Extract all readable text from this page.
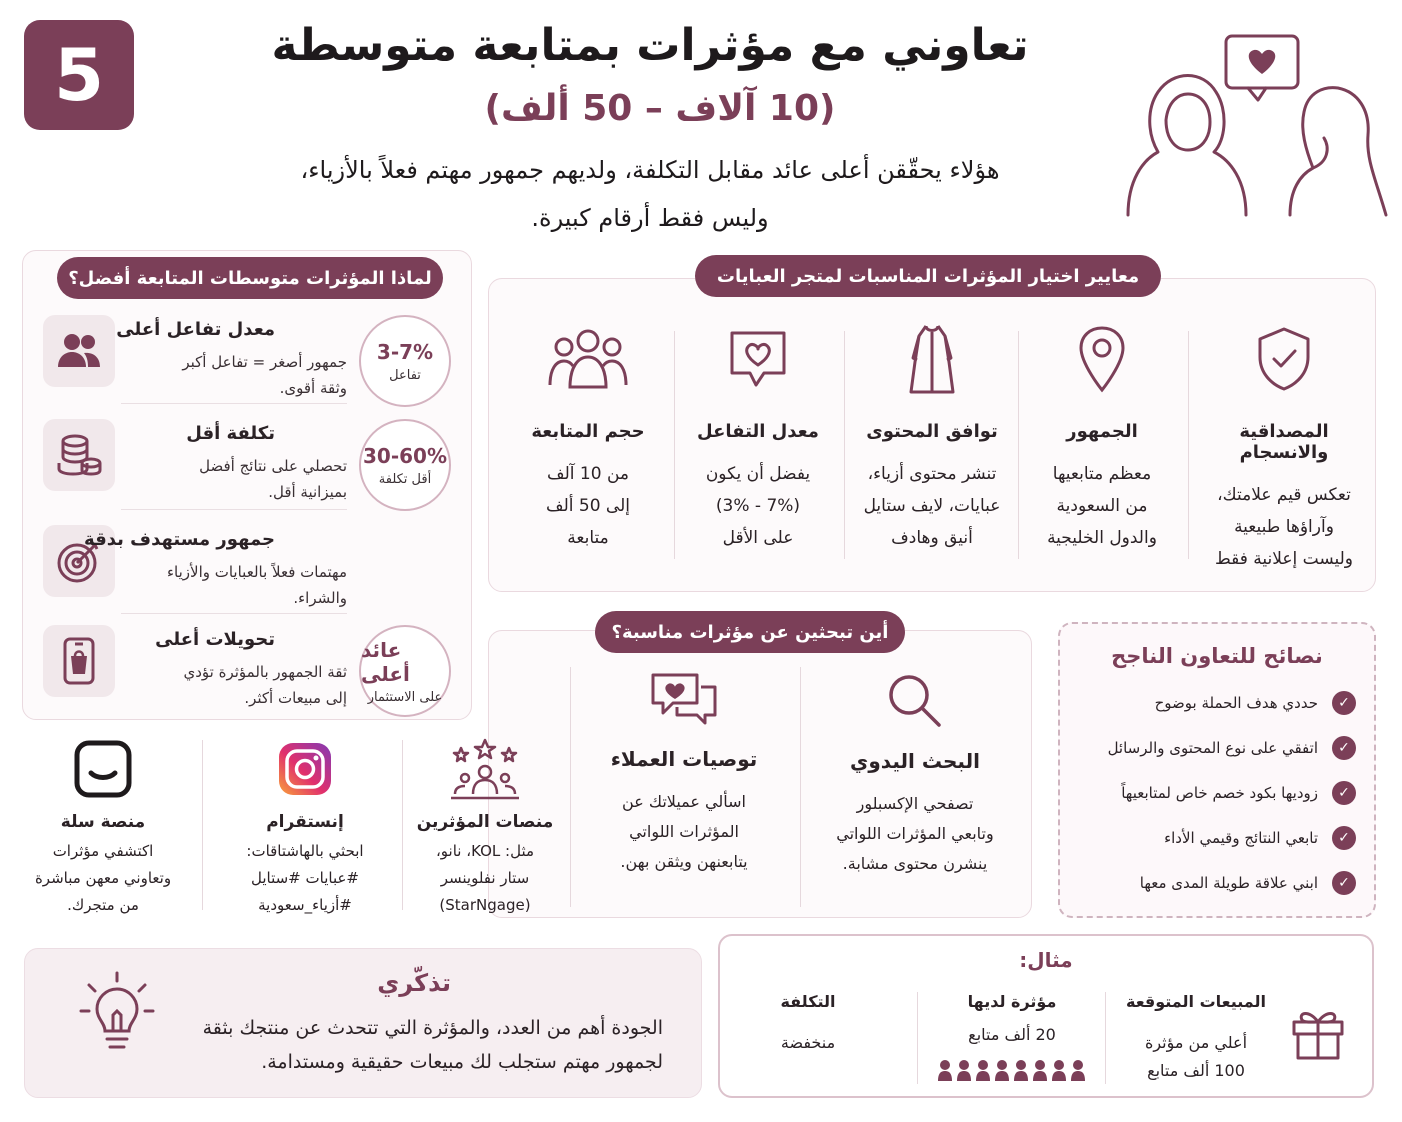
5	تعاوني مع مؤثرات بمتابعة متوسطة
(10 آلاف – 50 ألف)
هؤلاء يحقّقن أعلى عائد مقابل التكلفة، ولديهم جمهور مهتم فعلاً بالأزياء،
وليس فقط أرقام كبيرة.
لماذا المؤثرات متوسطات المتابعة أفضل؟
معدل تفاعل أعلى
جمهور أصغر = تفاعل أكبر
وثقة أقوى.
3-7%
تفاعل
تكلفة أقل
تحصلي على نتائج أفضل
بميزانية أقل.
30-60%
أقل تكلفة
جمهور مستهدف بدقة
مهتمات فعلاً بالعبايات والأزياء
والشراء.
تحويلات أعلى
ثقة الجمهور بالمؤثرة تؤدي
إلى مبيعات أكثر.
عائد أعلى
على الاستثمار
معايير اختيار المؤثرات المناسبات لمتجر العبايات
المصداقية والانسجام
تعكس قيم علامتك،
وآراؤها طبيعية
وليست إعلانية فقط
الجمهور
معظم متابعيها
من السعودية
والدول الخليجية
توافق المحتوى
تنشر محتوى أزياء،
عبايات، لايف ستايل
أنيق وهادف
معدل التفاعل
يفضل أن يكون
(3% - 7%)
على الأقل
حجم المتابعة
من 10 آلف
إلى 50 ألف
متابعة
أين تبحثين عن مؤثرات مناسبة؟
البحث اليدوي
تصفحي الإكسبلور
وتابعي المؤثرات اللواتي
ينشرن محتوى مشابة.
توصيات العملاء
اسألي عميلاتك عن
المؤثرات اللواتي
يتابعنهن ويثقن بهن.
منصات المؤثرين
مثل: KOL، نانو،
ستار نفلوينسر
(StarNgage)
إنستقرام
ابحثي بالهاشتاقات:
#عبايات #ستايل
#أزياء_سعودية
منصة سلة
اكتشفي مؤثرات
وتعاوني معهن مباشرة
من متجرك.
نصائح للتعاون الناجح
✓
حددي هدف الحملة بوضوح
✓
اتفقي على نوع المحتوى والرسائل
✓
زوديها بكود خصم خاص لمتابعيهاً
✓
تابعي النتائج وقيمي الأداء
✓
ابني علاقة طويلة المدى معها
تذكّري
الجودة أهم من العدد، والمؤثرة التي تتحدث عن منتجك بثقة
لجمهور مهتم ستجلب لك مبيعات حقيقية ومستدامة.
مثال:
المبيعات المتوقعة
أعلي من مؤثرة
100 ألف متابع
مؤثرة لديها
20 ألف متابع
التكلفة
منخفضة
